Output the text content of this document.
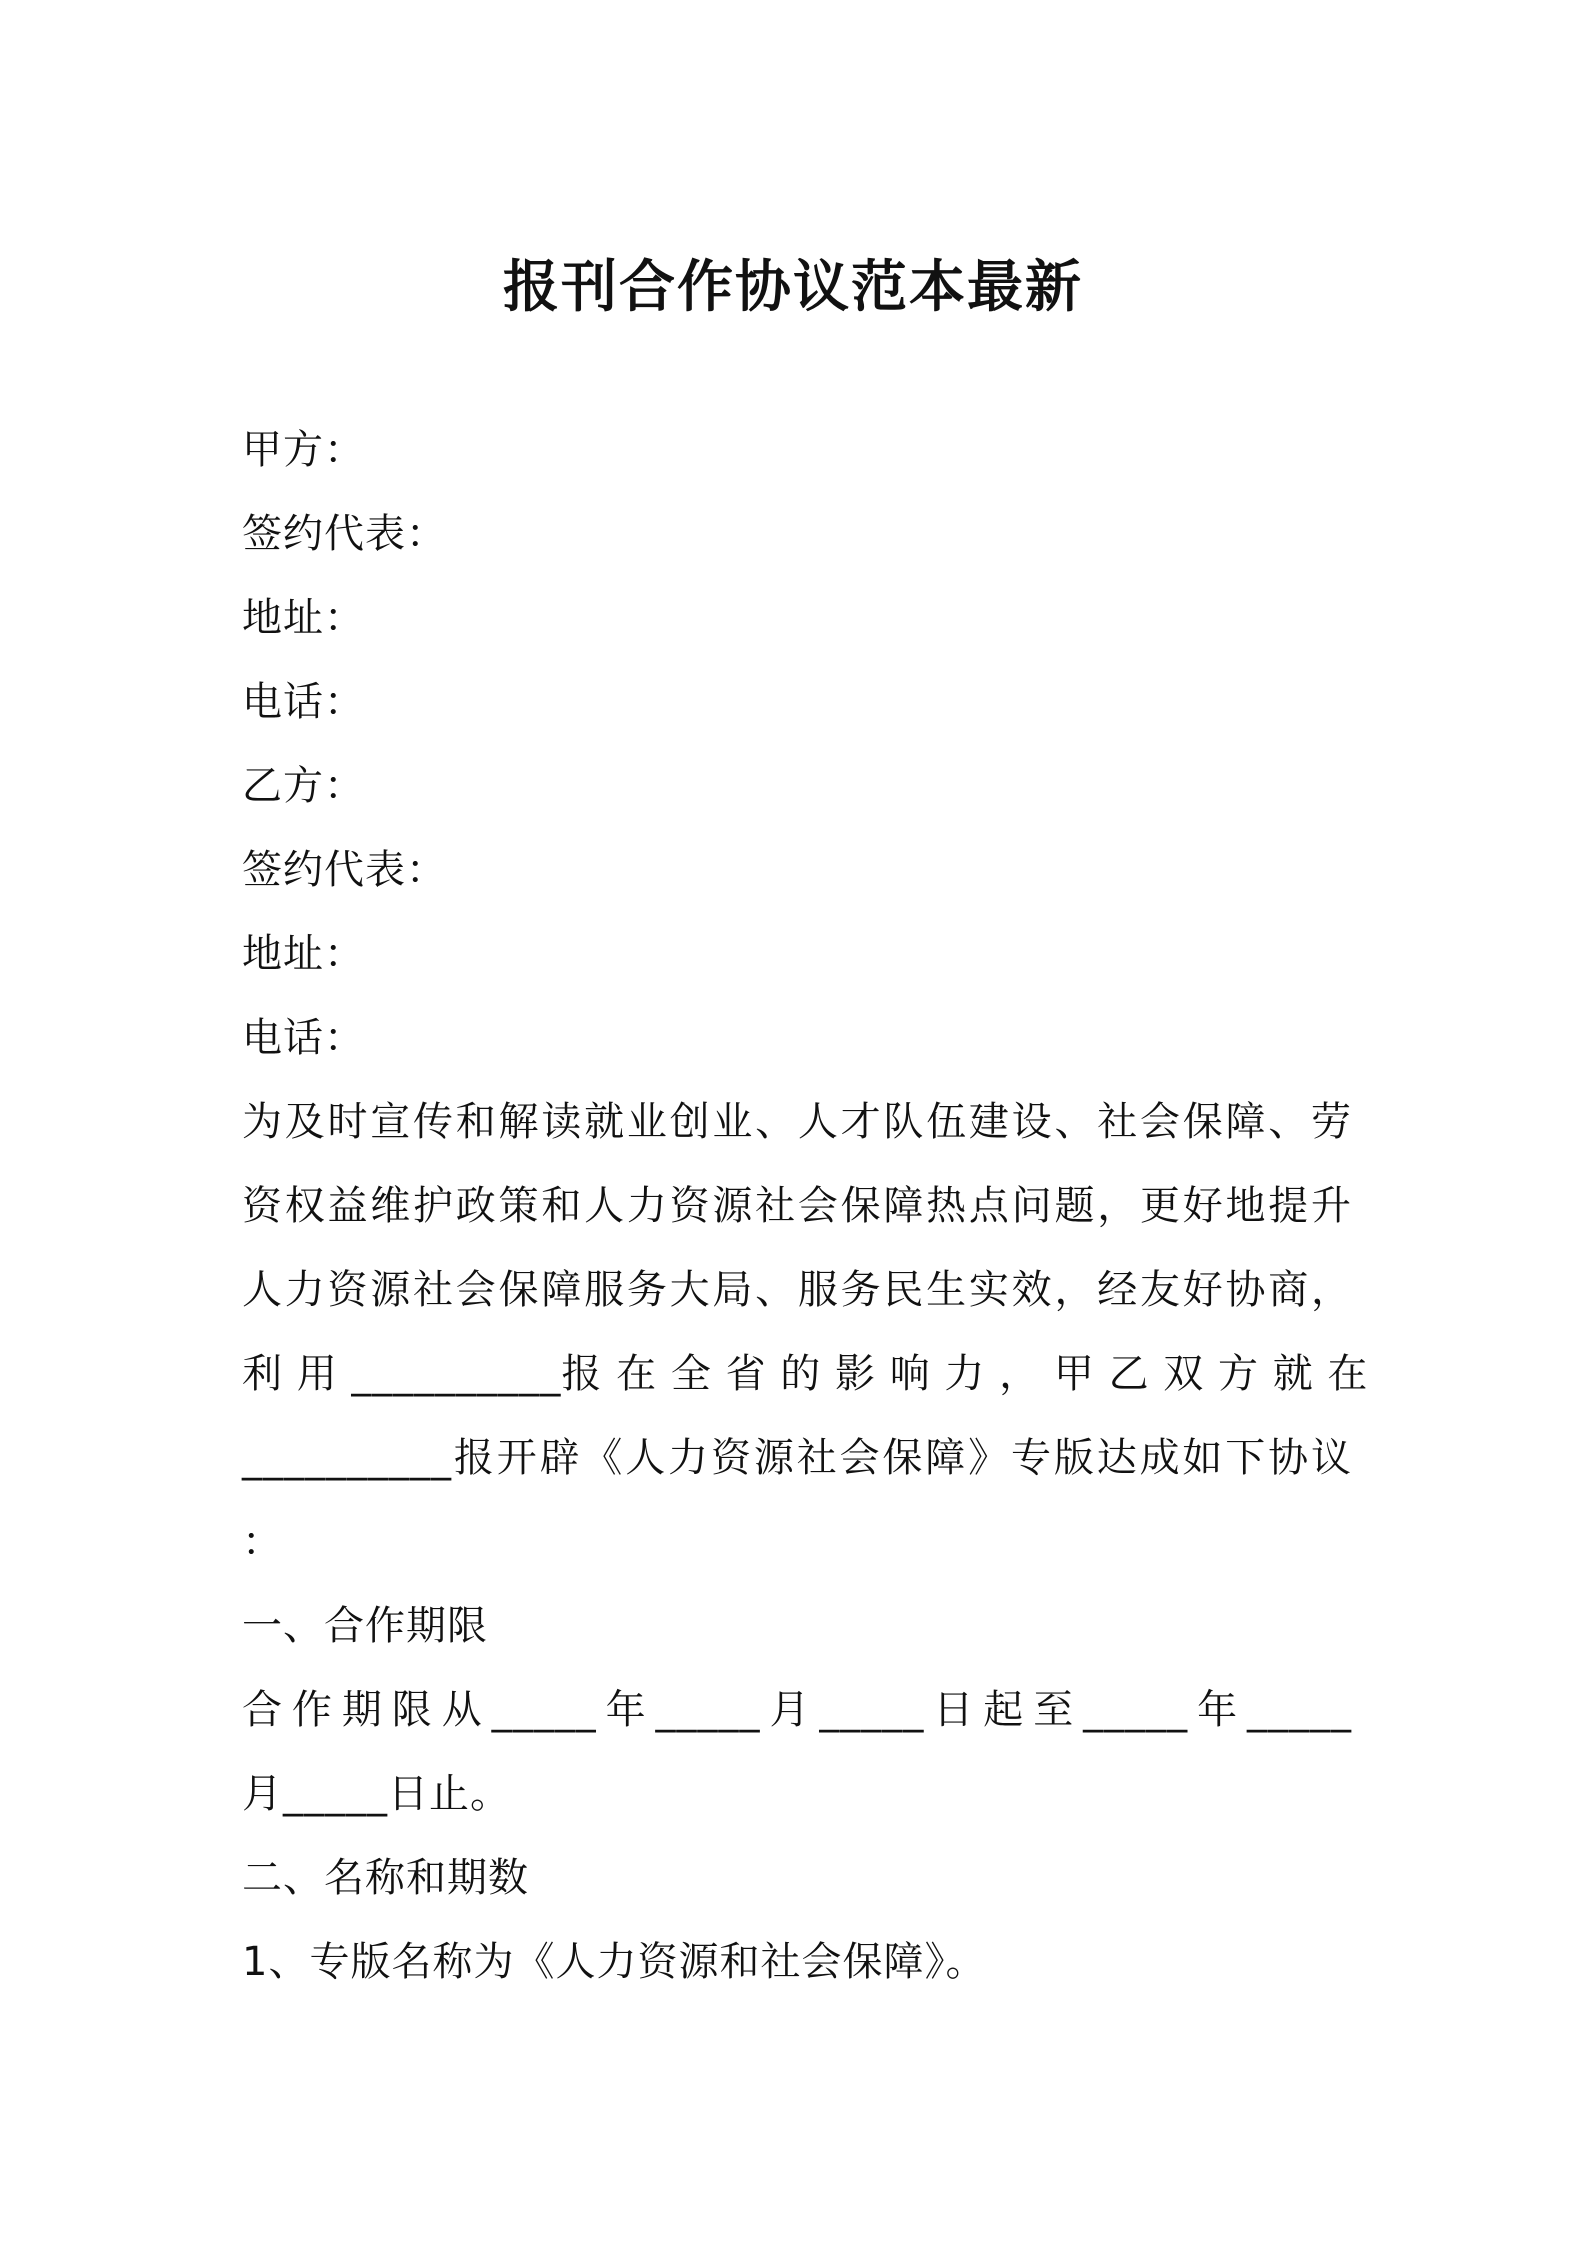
报刊合作协议范本最新
甲方：
签约代表：
地址：
电话：
乙方：
签约代表：
地址：
电话：
为及时宣传和解读就业创业、人才队伍建设、社会保障、劳
资权益维护政策和人力资源社会保障热点问题，更好地提升
人力资源社会保障服务大局、服务民生实效，经友好协商，
利 用 __________报 在 全 省 的 影 响 力 ， 甲 乙 双 方 就 在
__________报开辟《人力资源社会保障》专版达成如下协议
：
一、合作期限
合作期限从_____年_____月_____日起至_____年_____
月_____日止。
二、名称和期数
1、专版名称为《人力资源和社会保障》。
